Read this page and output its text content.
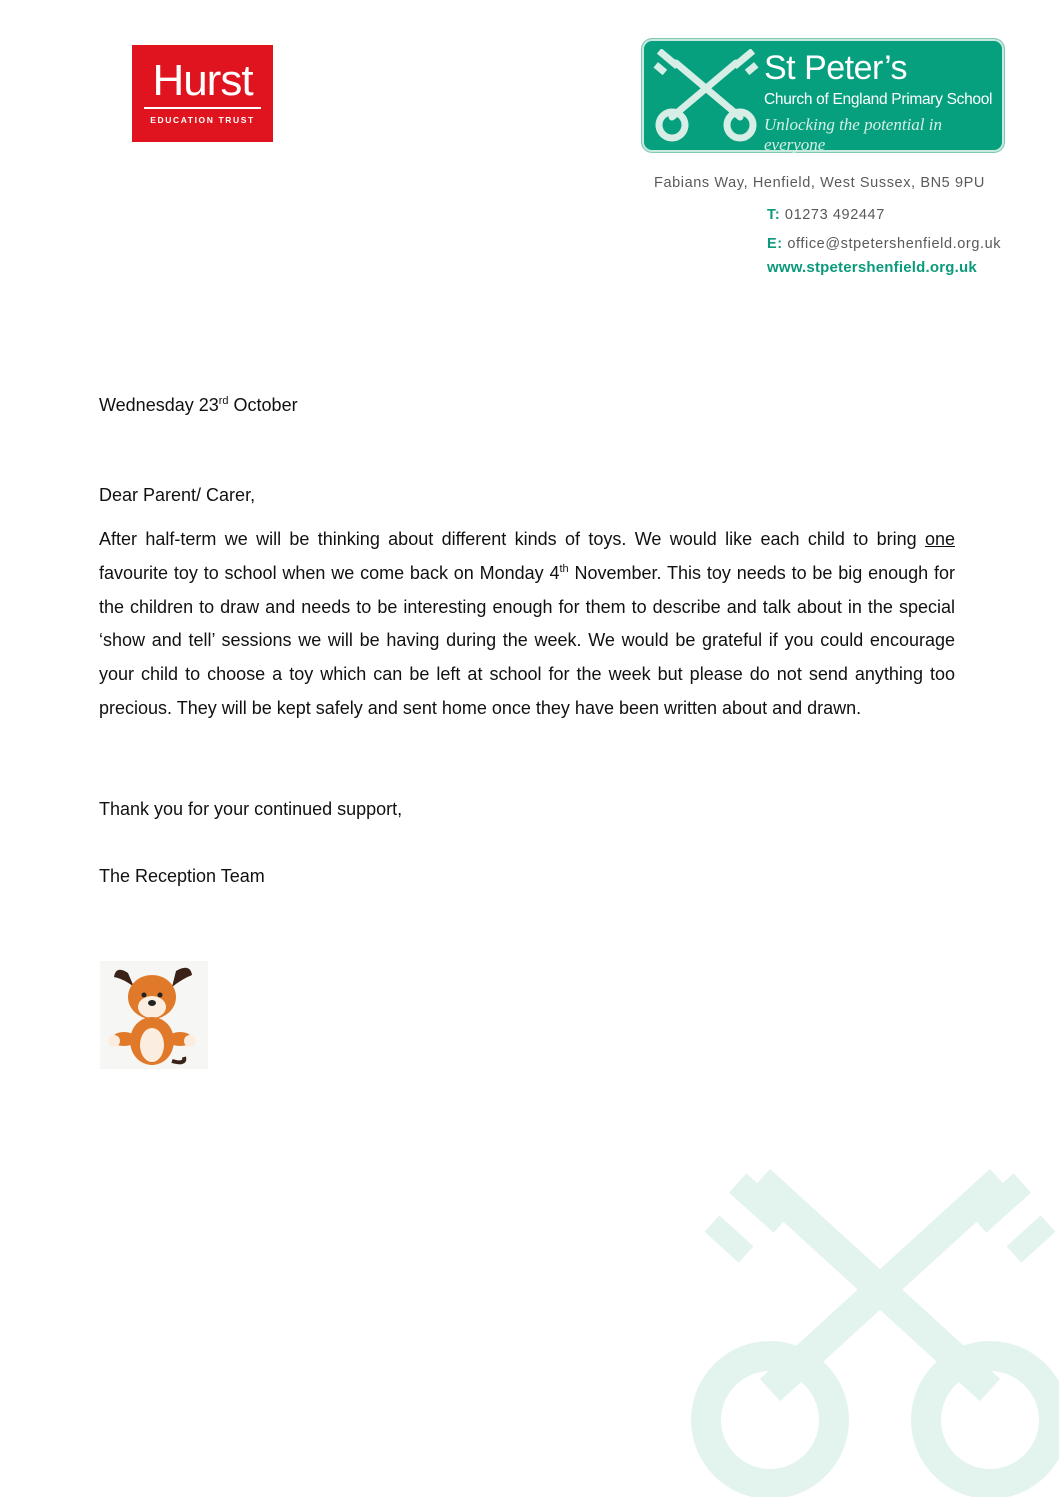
Hurst
EDUCATION TRUST
St Peter’s
Church of England Primary School
Unlocking the potential in everyone
Fabians Way, Henfield, West Sussex, BN5 9PU
T: 01273 492447
E: office@stpetershenfield.org.uk
www.stpetershenfield.org.uk
Wednesday 23rd October
Dear Parent/ Carer,

After half-term we will be thinking about different kinds of toys. We would like each child to bring one favourite toy to school when we come back on Monday 4th November. This toy needs to be big enough for the children to draw and needs to be interesting enough for them to describe and talk about in the special ‘show and tell’ sessions we will be having during the week. We would be grateful if you could encourage your child to choose a toy which can be left at school for the week but please do not send anything too precious. They will be kept safely and sent home once they have been written about and drawn.

Thank you for your continued support,
The Reception Team
